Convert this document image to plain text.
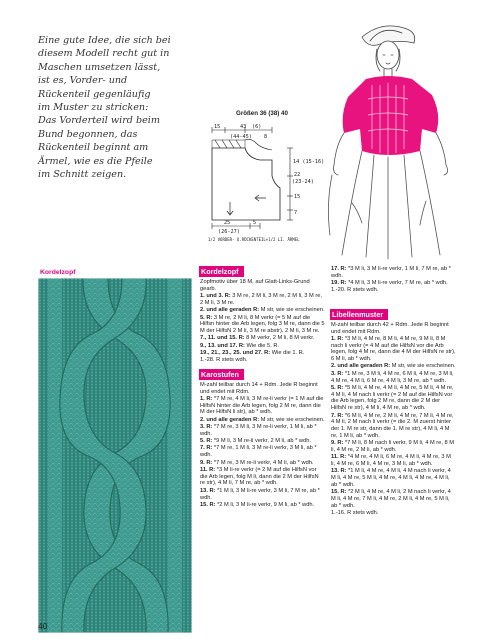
Eine gute Idee, die sich bei
diesem Modell recht gut in
Maschen umsetzen lässt,
ist es, Vorder- und
Rückenteil gegenläufig
im Muster zu stricken:
Das Vorderteil wird beim
Bund begonnen, das
Rückenteil beginnt am
Ärmel, wie es die Pfeile
im Schnitt zeigen.
Größen 36 (38) 40
15	43 (6)
(44-45) 8
14 (15-16)
22
(23-24)
15
7
25	5
(26-27)
1/2 VORDER- U.RÜCKENTEIL+1/2 LI. ÄRMEL
Kordelzopf	Kordelzopf

Zopfmotiv über 18 M, auf Glatt-Links-Grund gearb.

1. und 3. R: 3 M re, 2 M li, 3 M re, 2 M li, 3 M re, 2 M li, 3 M re.

2. und alle geraden R: M str, wie sie erscheinen.

5. R: 3 M re, 2 M li, 8 M verkr (= 5 M auf die Hilfsn hinter die Arb legen, folg 3 M re, dann die 5 M der HilfsN 2 M li, 3 M re abstr), 2 M li, 3 M re.

7., 11. und 15. R: 8 M verkr, 2 M li, 8 M verkr.

9., 13. und 17. R: Wie die 5. R.

19., 21., 23., 25. und 27. R: Wie die 1. R.

1.-28. R stets wdh.

Karostufen

M-zahl teilbar durch 14 + Rdm. Jede R beginnt und endet mit Rdm.

1. R: *7 M re, 4 M li, 3 M re-li verkr (= 1 M auf die HilfsN hinter die Arb legen, folg 2 M re, dann die M der HilfsN li str), ab * wdh.

2. und alle geraden R: M str, wie sie erscheinen.

3. R: *7 M re, 3 M li, 3 M re-li verkr, 1 M li, ab * wdh.

5. R: *9 M li, 3 M re-li verkr, 2 M li, ab * wdh.

7. R: *7 M re, 1 M li, 3 M re-li verkr, 3 M li, ab * wdh.

9. R: *7 M re, 3 M re-li verkr, 4 M li, ab * wdh.

11. R: *3 M li-re verkr (= 2 M auf die HilfsN vor die Arb legen, folg M li, dann die 2 M der HilfsN re str), 4 M li, 7 M re, ab * wdh.

13. R: *1 M li, 3 M li-re verkr, 3 M li, 7 M re, ab * wdh.

15. R: *2 M li, 3 M li-re verkr, 9 M li, ab * wdh.

17. R: *3 M li, 3 M li-re verkr, 1 M li, 7 M re, ab * wdh.

19. R: *4 M li, 3 M li-re verkr, 7 M re, ab * wdh.

1.-20. R stets wdh.

Libellenmuster

M-zahl teilbar durch 42 + Rdm. Jede R beginnt und endet mit Rdm.

1. R: *3 M li, 4 M re, 8 M li, 4 M re, 9 M li, 8 M nach li verkr (= 4 M auf die HilfsN vor die Arb legen, folg 4 M re, dann die 4 M der HilfsN re str), 6 M li, ab * wdh.

2. und alle geraden R: M str, wie sie erscheinen.

3. R: *1 M re, 3 M li, 4 M re, 6 M li, 4 M re, 3 M li, 4 M re, 4 M li, 6 M re, 4 M li, 3 M re, ab * wdh.

5. R: *5 M li, 4 M re, 4 M li, 4 M re, 5 M li, 4 M re, 4 M li, 4 M nach li verkr (= 2 M auf die HilfsN vor die Arb legen, folg 2 M re, dann die 2 M der HilfsN re str), 4 M li, 4 M re, ab * wdh.

7. R: *6 M li, 4 M re, 2 M li, 4 M re, 7 M li, 4 M re, 4 M li, 2 M nach li verkr (= die 2. M zuerst hinter der 1. M re str, dann die 1. M re str), 4 M li, 4 M re, 1 M li, ab * wdh.

9. R: *7 M li, 8 M nach li verkr, 9 M li, 4 M re, 8 M li, 4 M re, 2 M li, ab * wdh.

11. R: *4 M re, 4 M li, 6 M re, 4 M li, 4 M re, 3 M li, 4 M re, 6 M li, 4 M re, 3 M li, ab * wdh.

13. R: *1 M li, 4 M re, 4 M li, 4 M nach li verkr, 4 M li, 4 M re, 5 M li, 4 M re, 4 M li, 4 M re, 4 M li, ab * wdh.

15. R: *2 M li, 4 M re, 4 M li, 2 M nach li verkr, 4 M li, 4 M re, 7 M li, 4 M re, 2 M li, 4 M re, 5 M li, ab * wdh.

1.-16. R stets wdh.

40
